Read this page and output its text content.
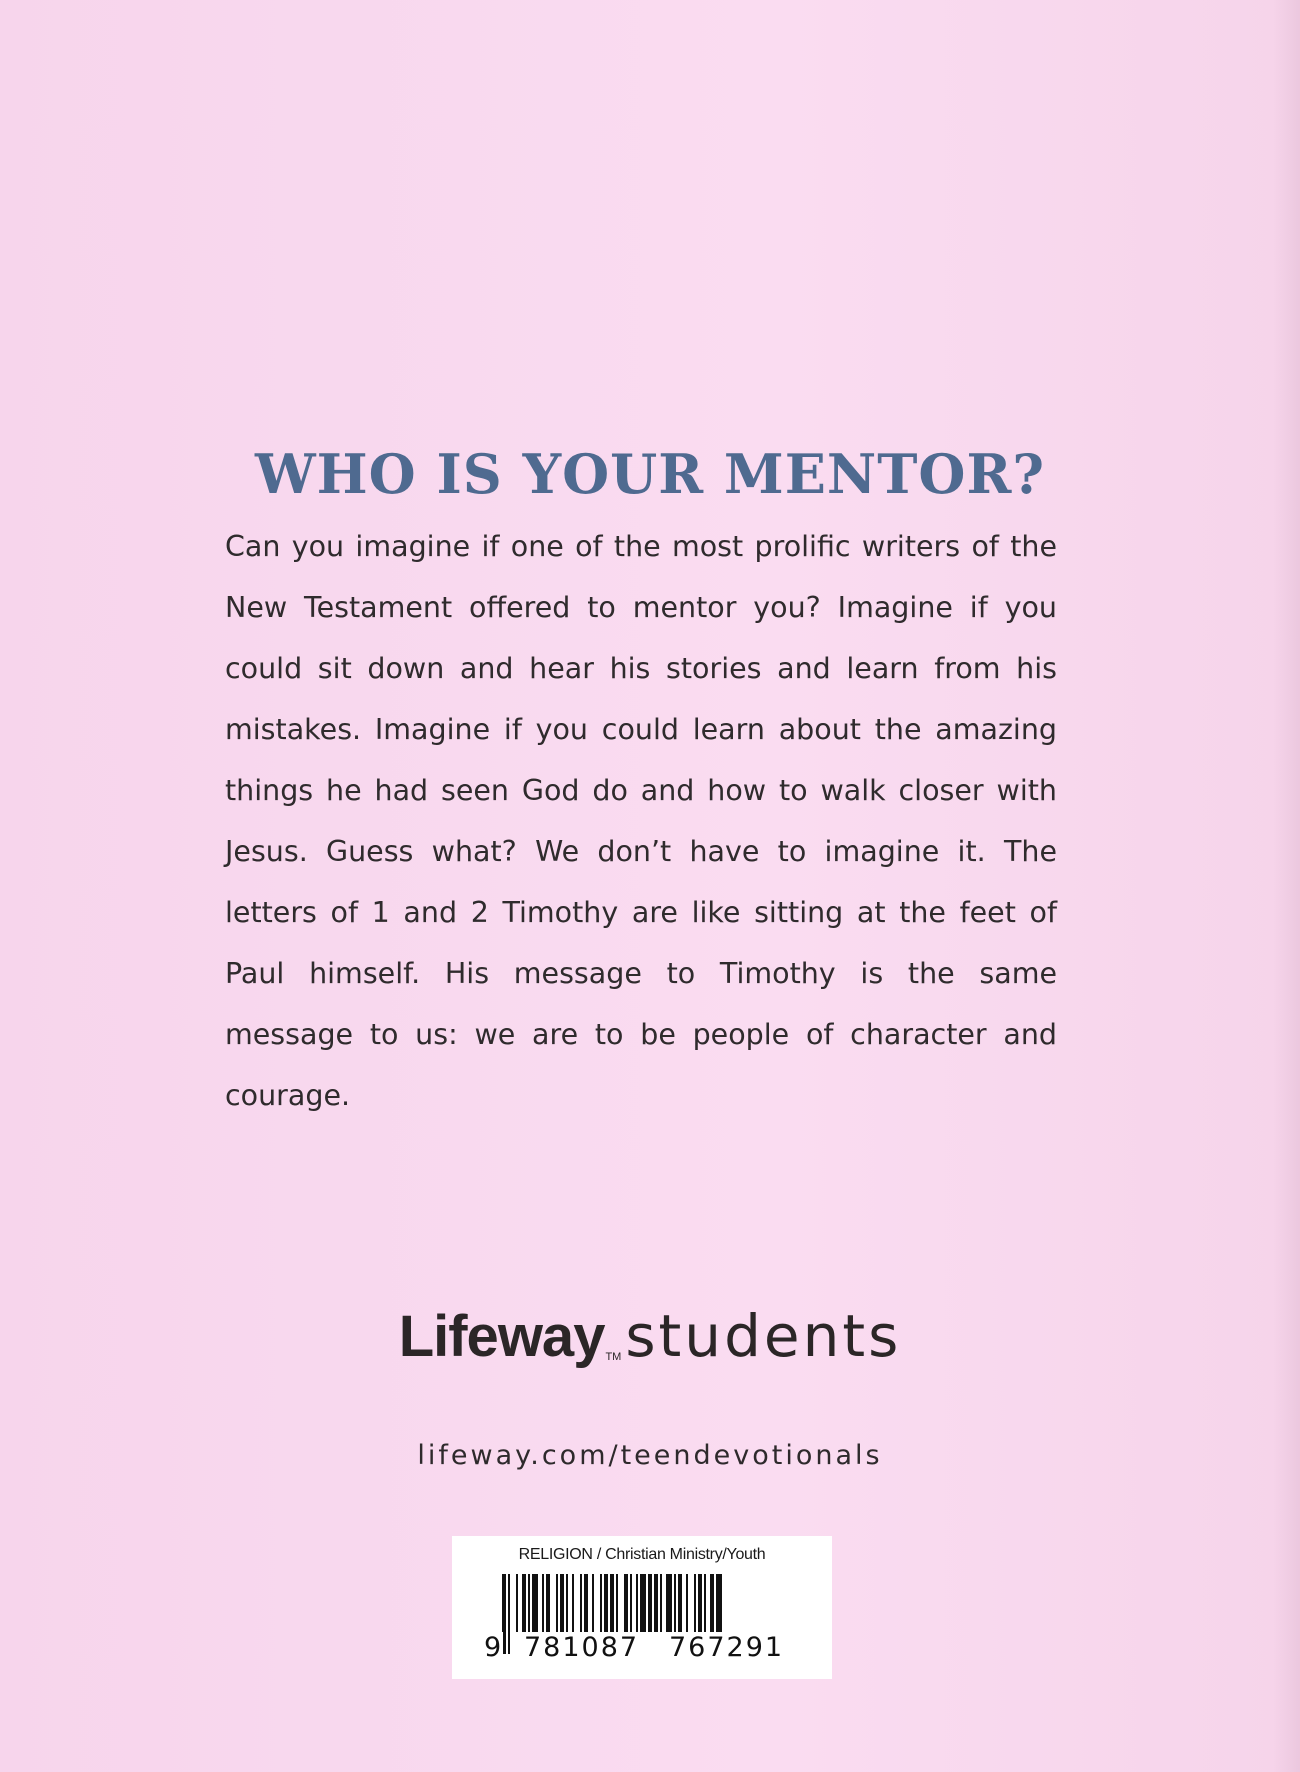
WHO IS YOUR MENTOR?

Can you imagine if one of the most prolific writers of the New Testament offered to mentor you? Imagine if you could sit down and hear his stories and learn from his mistakes. Imagine if you could learn about the amazing things he had seen God do and how to walk closer with Jesus. Guess what? We don’t have to imagine it. The letters of 1 and 2 Timothy are like sitting at the feet of Paul himself. His message to Timothy is the same message to us: we are to be people of character and courage.

LifewayTMstudents
lifeway.com/teendevotionals
RELIGION / Christian Ministry/Youth
9 781087 767291
